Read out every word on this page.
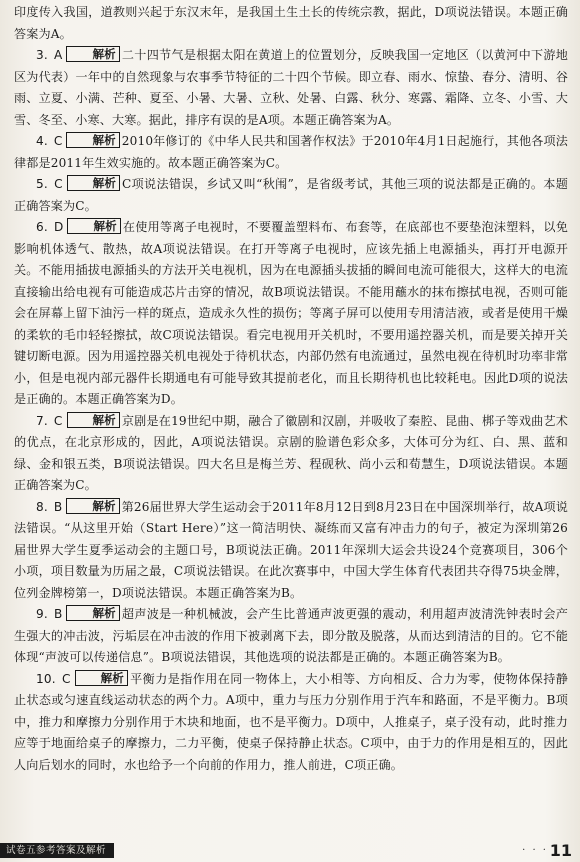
印度传入我国，道教则兴起于东汉末年，是我国土生土长的传统宗教，据此，D项说法错误。本题正确答案为A。

3. A	解析 二十四节气是根据太阳在黄道上的位置划分，反映我国一定地区（以黄河中下游地区为代表）一年中的自然现象与农事季节特征的二十四个节候。即立春、雨水、惊蛰、春分、清明、谷雨、立夏、小满、芒种、夏至、小暑、大暑、立秋、处暑、白露、秋分、寒露、霜降、立冬、小雪、大雪、冬至、小寒、大寒。据此，排序有误的是A项。本题正确答案为A。

4. C	解析 2010年修订的《中华人民共和国著作权法》于2010年4月1日起施行，其他各项法律都是2011年生效实施的。故本题正确答案为C。

5. C	解析 C项说法错误，乡试又叫“秋闱”，是省级考试，其他三项的说法都是正确的。本题正确答案为C。

6. D	解析 在使用等离子电视时，不要覆盖塑料布、布套等，在底部也不要垫泡沫塑料，以免影响机体透气、散热，故A项说法错误。在打开等离子电视时，应该先插上电源插头，再打开电源开关。不能用插拔电源插头的方法开关电视机，因为在电源插头拔插的瞬间电流可能很大，这样大的电流直接输出给电视有可能造成芯片击穿的情况，故B项说法错误。不能用蘸水的抹布擦拭电视，否则可能会在屏幕上留下油污一样的斑点，造成永久性的损伤；等离子屏可以使用专用清洁液，或者是使用干燥的柔软的毛巾轻轻擦拭，故C项说法错误。看完电视用开关机时，不要用遥控器关机，而是要关掉开关键切断电源。因为用遥控器关机电视处于待机状态，内部仍然有电流通过，虽然电视在待机时功率非常小，但是电视内部元器件长期通电有可能导致其提前老化，而且长期待机也比较耗电。因此D项的说法是正确的。本题正确答案为D。

7. C	解析 京剧是在19世纪中期，融合了徽剧和汉剧，并吸收了秦腔、昆曲、梆子等戏曲艺术的优点，在北京形成的，因此，A项说法错误。京剧的脸谱色彩众多，大体可分为红、白、黑、蓝和绿、金和银五类，B项说法错误。四大名旦是梅兰芳、程砚秋、尚小云和荀慧生，D项说法错误。本题正确答案为C。

8. B	解析 第26届世界大学生运动会于2011年8月12日到8月23日在中国深圳举行，故A项说法错误。“从这里开始（Start Here）”这一简洁明快、凝练而又富有冲击力的句子，被定为深圳第26届世界大学生夏季运动会的主题口号，B项说法正确。2011年深圳大运会共设24个竞赛项目，306个小项，项目数量为历届之最，C项说法错误。在此次赛事中，中国大学生体育代表团共夺得75块金牌，位列金牌榜第一，D项说法错误。本题正确答案为B。

9. B	解析 超声波是一种机械波，会产生比普通声波更强的震动，利用超声波清洗钟表时会产生强大的冲击波，污垢层在冲击波的作用下被剥离下去，即分散及脱落，从而达到清洁的目的。它不能体现“声波可以传递信息”。B项说法错误，其他选项的说法都是正确的。本题正确答案为B。

10. C	解析 平衡力是指作用在同一物体上，大小相等、方向相反、合力为零，使物体保持静止状态或匀速直线运动状态的两个力。A项中，重力与压力分别作用于汽车和路面，不是平衡力。B项中，推力和摩擦力分别作用于木块和地面，也不是平衡力。D项中，人推桌子，桌子没有动，此时推力应等于地面给桌子的摩擦力，二力平衡，使桌子保持静止状态。C项中，由于力的作用是相互的，因此人向后划水的同时，水也给予一个向前的作用力，推人前进，C项正确。

试卷五参考答案及解析	· · · 11
